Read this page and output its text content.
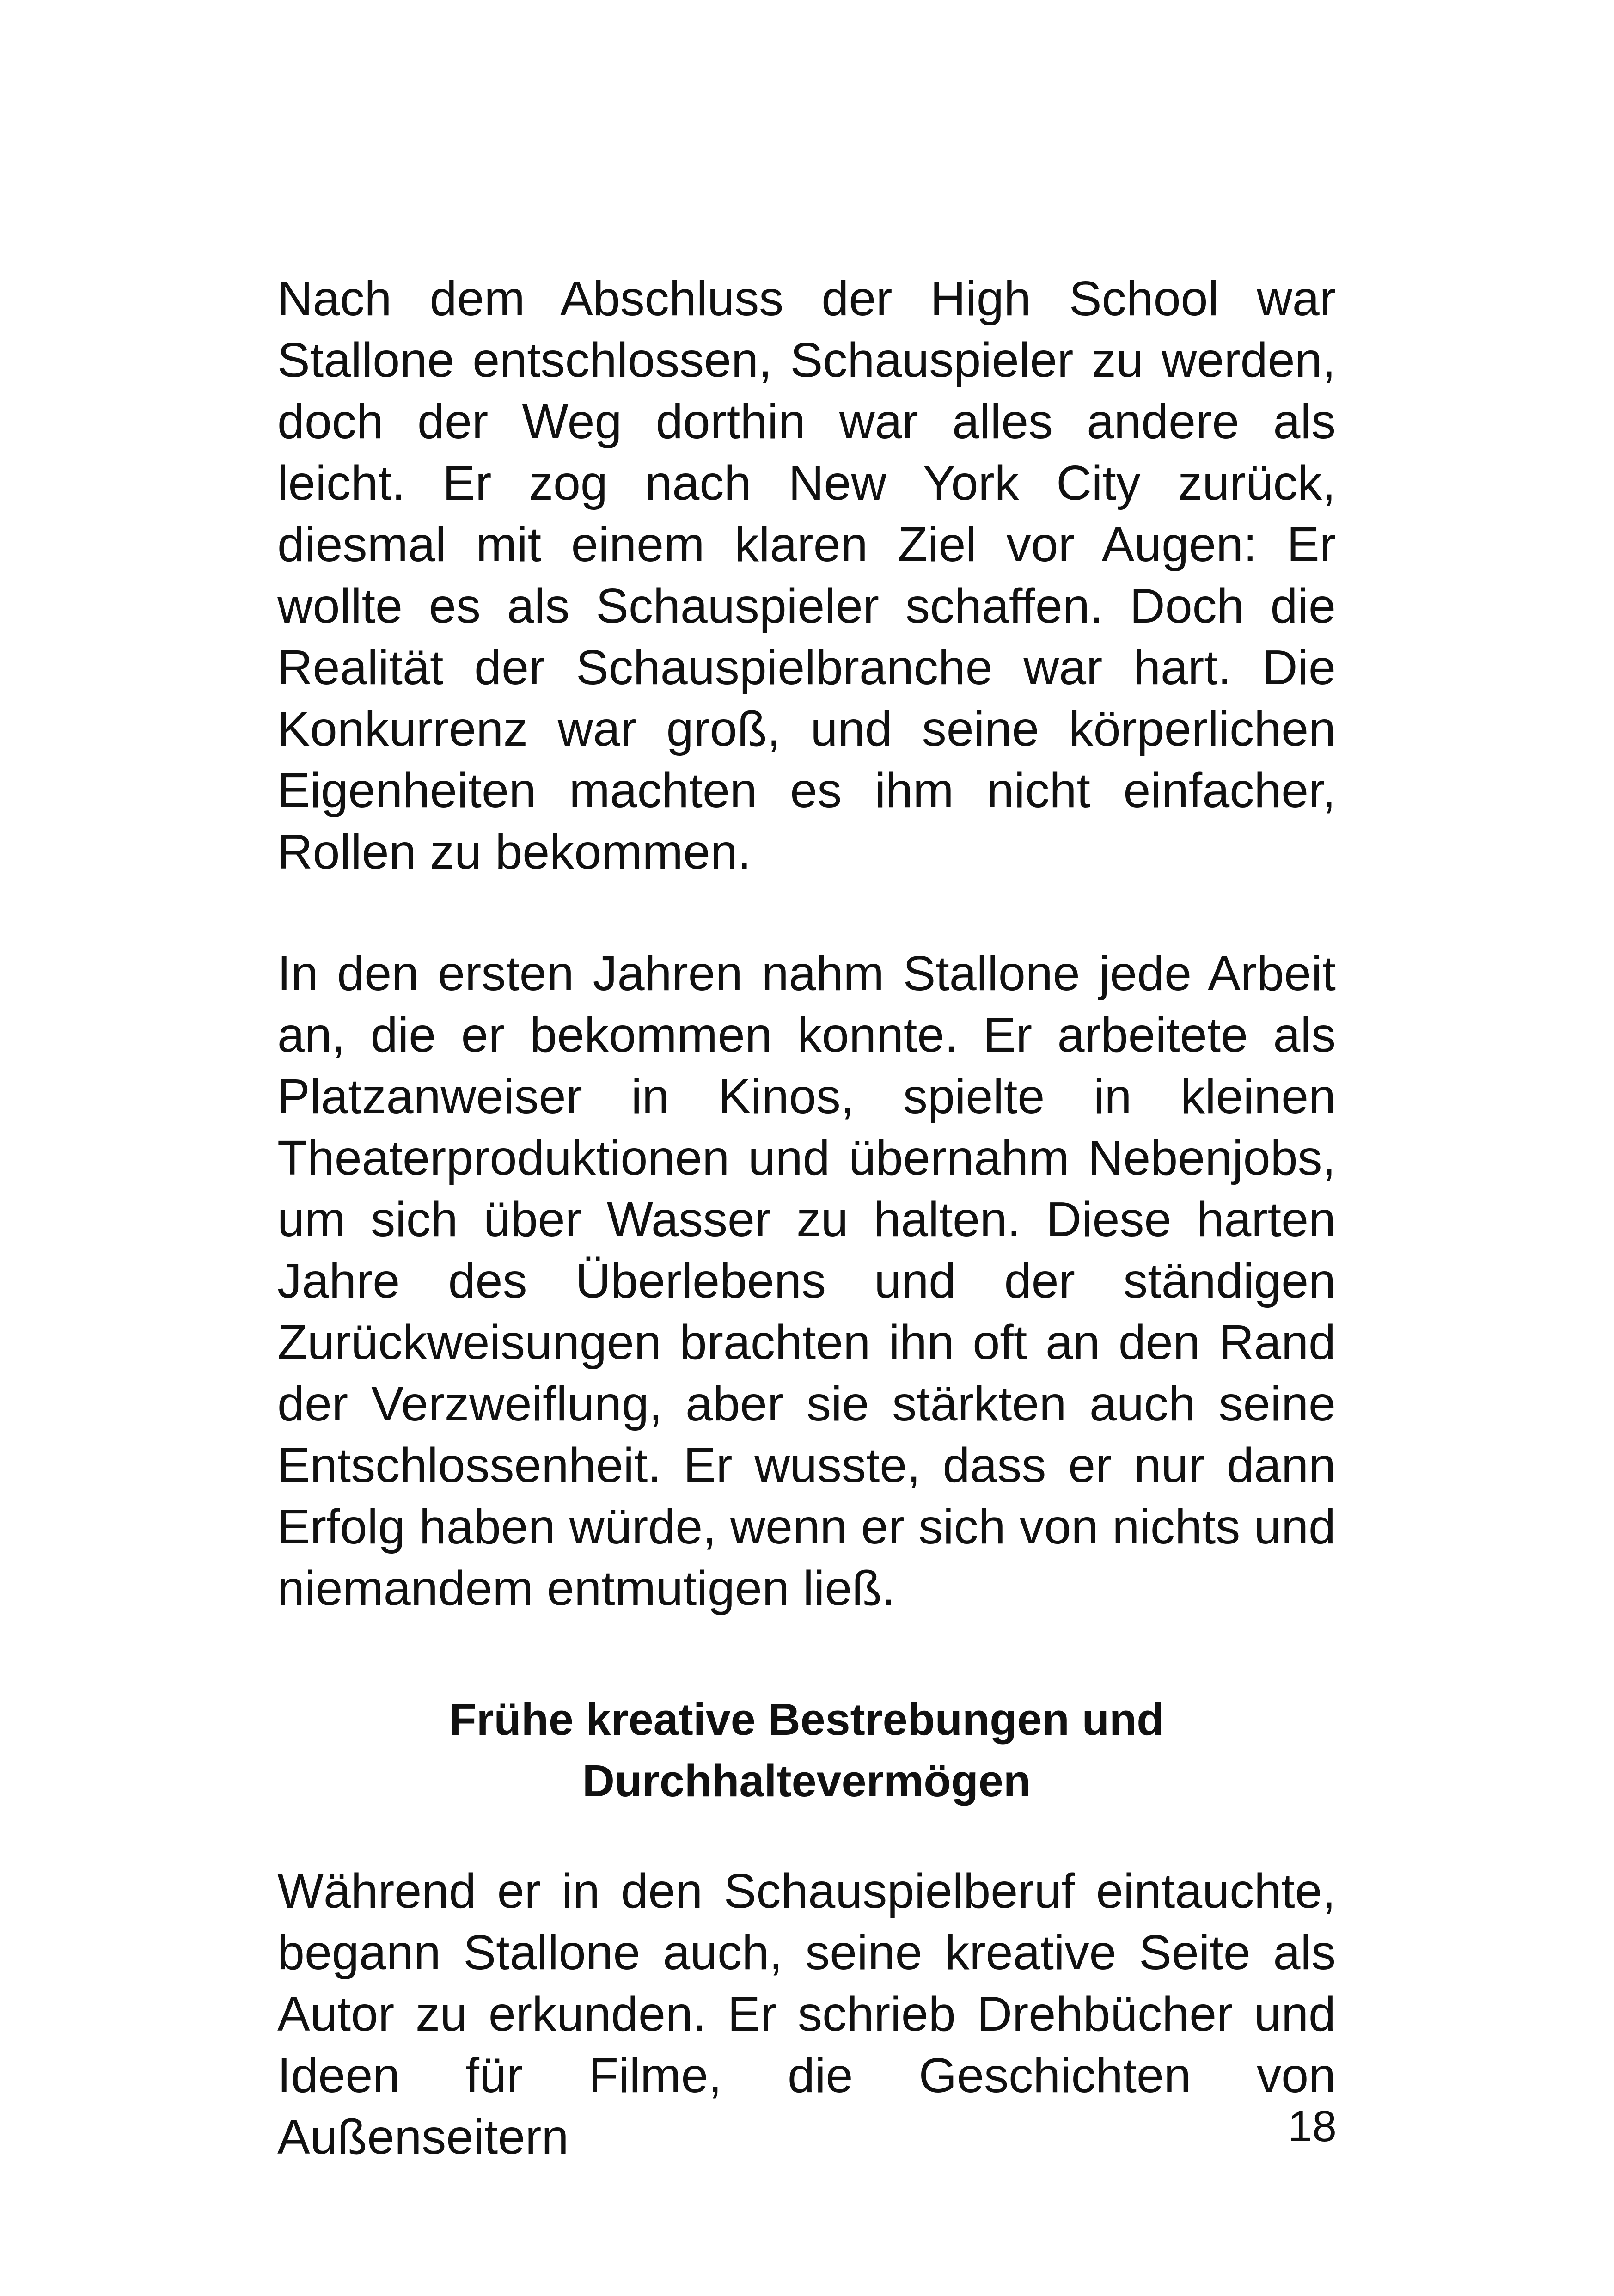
Nach dem Abschluss der High School war Stallone entschlossen, Schauspieler zu werden, doch der Weg dorthin war alles andere als leicht. Er zog nach New York City zurück, diesmal mit einem klaren Ziel vor Augen: Er wollte es als Schauspieler schaffen. Doch die Realität der Schauspielbranche war hart. Die Konkurrenz war groß, und seine körperlichen Eigenheiten machten es ihm nicht einfacher, Rollen zu bekommen.

In den ersten Jahren nahm Stallone jede Arbeit an, die er bekommen konnte. Er arbeitete als Platzanweiser in Kinos, spielte in kleinen Theaterproduktionen und übernahm Nebenjobs, um sich über Wasser zu halten. Diese harten Jahre des Überlebens und der ständigen Zurückweisungen brachten ihn oft an den Rand der Verzweiflung, aber sie stärkten auch seine Entschlossenheit. Er wusste, dass er nur dann Erfolg haben würde, wenn er sich von nichts und niemandem entmutigen ließ.

Frühe kreative Bestrebungen und
Durchhaltevermögen

Während er in den Schauspielberuf eintauchte, begann Stallone auch, seine kreative Seite als Autor zu erkunden. Er schrieb Drehbücher und Ideen für Filme, die Geschichten von Außenseitern	18
